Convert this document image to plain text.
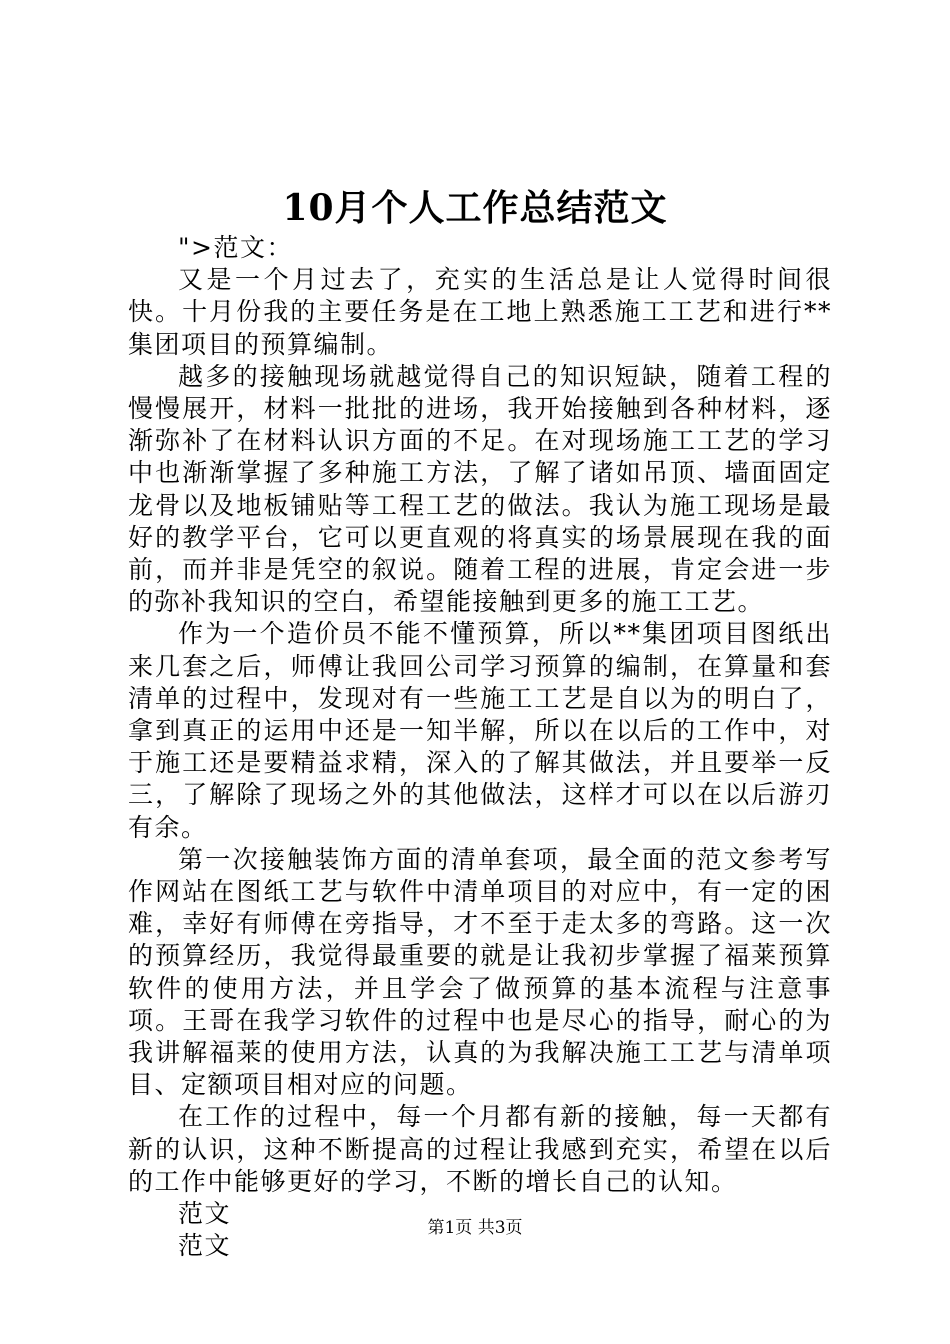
10月个人工作总结范文

">范文：

又是一个月过去了，充实的生活总是让人觉得时间很快。十月份我的主要任务是在工地上熟悉施工工艺和进行**集团项目的预算编制。

越多的接触现场就越觉得自己的知识短缺，随着工程的慢慢展开，材料一批批的进场，我开始接触到各种材料，逐渐弥补了在材料认识方面的不足。在对现场施工工艺的学习中也渐渐掌握了多种施工方法，了解了诸如吊顶、墙面固定龙骨以及地板铺贴等工程工艺的做法。我认为施工现场是最好的教学平台，它可以更直观的将真实的场景展现在我的面前，而并非是凭空的叙说。随着工程的进展，肯定会进一步的弥补我知识的空白，希望能接触到更多的施工工艺。

作为一个造价员不能不懂预算，所以**集团项目图纸出来几套之后，师傅让我回公司学习预算的编制，在算量和套清单的过程中，发现对有一些施工工艺是自以为的明白了，拿到真正的运用中还是一知半解，所以在以后的工作中，对于施工还是要精益求精，深入的了解其做法，并且要举一反三，了解除了现场之外的其他做法，这样才可以在以后游刃有余。

第一次接触装饰方面的清单套项，最全面的范文参考写作网站在图纸工艺与软件中清单项目的对应中，有一定的困难，幸好有师傅在旁指导，才不至于走太多的弯路。这一次的预算经历，我觉得最重要的就是让我初步掌握了福莱预算软件的使用方法，并且学会了做预算的基本流程与注意事项。王哥在我学习软件的过程中也是尽心的指导，耐心的为我讲解福莱的使用方法，认真的为我解决施工工艺与清单项目、定额项目相对应的问题。

在工作的过程中，每一个月都有新的接触，每一天都有新的认识，这种不断提高的过程让我感到充实，希望在以后的工作中能够更好的学习，不断的增长自己的认知。

范文

范文

第1页 共3页
